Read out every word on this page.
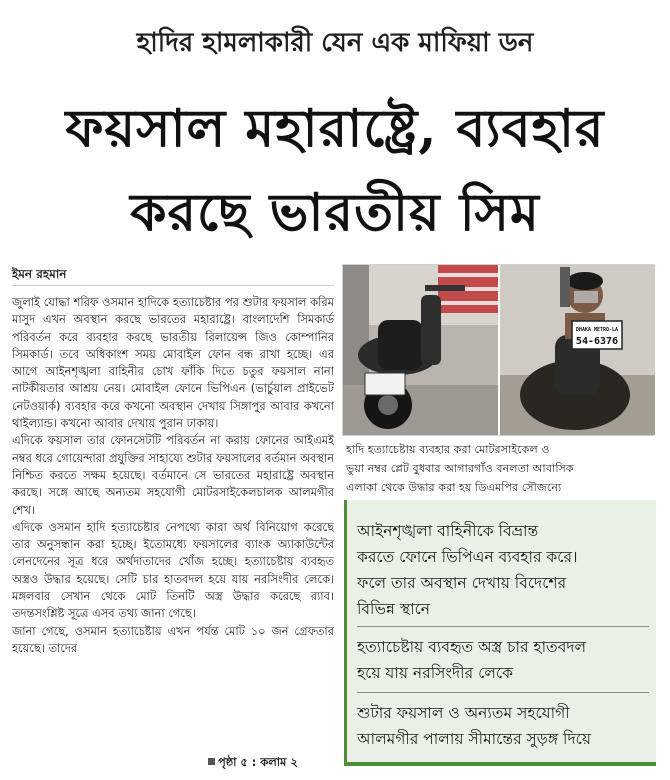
হাদির হামলাকারী যেন এক মাফিয়া ডন
ফয়সাল মহারাষ্ট্রে, ব্যবহার
করছে ভারতীয় সিম
ইমন রহমান

জুলাই যোদ্ধা শরিফ ওসমান হাদিকে হত্যাচেষ্টার পর শুটার ফয়সাল করিম মাসুদ এখন অবস্থান করছে ভারতের মহারাষ্ট্রে। বাংলাদেশি সিমকার্ড পরিবর্তন করে ব্যবহার করছে ভারতীয় রিলায়েন্স জিও কোম্পানির সিমকার্ড। তবে অধিকাংশ সময় মোবাইল ফোন বন্ধ রাখা হচ্ছে। এর আগে আইনশৃঙ্খলা বাহিনীর চোখ ফাঁকি দিতে চতুর ফয়সাল নানা নাটকীয়তার আশ্রয় নেয়। মোবাইল ফোনে ভিপিএন (ভার্চুয়াল প্রাইভেট নেটওয়ার্ক) ব্যবহার করে কখনো অবস্থান দেখায় সিঙ্গাপুর আবার কখনো থাইল্যান্ড। কখনো আবার দেখায় পুরান ঢাকায়।

এদিকে ফয়সাল তার ফোনসেটটি পরিবর্তন না করায় ফোনের আইএমই নম্বর ধরে গোয়েন্দারা প্রযুক্তির সাহায্যে শুটার ফয়সালের বর্তমান অবস্থান নিশ্চিত করতে সক্ষম হয়েছে। বর্তমানে সে ভারতের মহারাষ্ট্রে অবস্থান করছে। সঙ্গে আছে অন্যতম সহযোগী মোটরসাইকেলচালক আলমগীর শেখ।

এদিকে ওসমান হাদি হত্যাচেষ্টার নেপথ্যে কারা অর্থ বিনিয়োগ করেছে তার অনুসন্ধান করা হচ্ছে। ইতোমধ্যে ফয়সালের ব্যাংক অ্যাকাউন্টের লেনদেনের সূত্র ধরে অর্থদাতাদের খোঁজ হচ্ছে। হত্যাচেষ্টায় ব্যবহৃত অস্ত্রও উদ্ধার হয়েছে। সেটি চার হাতবদল হয়ে যায় নরসিংদীর লেকে। মঙ্গলবার সেখান থেকে মোট তিনটি অস্ত্র উদ্ধার করেছে র‍্যাব। তদন্তসংশ্লিষ্ট সূত্রে এসব তথ্য জানা গেছে।

জানা গেছে, ওসমান হত্যাচেষ্টায় এখন পর্যন্ত মোট ১০ জন গ্রেফতার হয়েছে। তাদের

পৃষ্ঠা ৫ : কলাম ২
DHAKA METRO-LA
54-6376
হাদি হত্যাচেষ্টায় ব্যবহার করা মোটরসাইকেল ও
ভুয়া নম্বর প্লেট বুধবার আগারগাঁও বনলতা আবাসিক
এলাকা থেকে উদ্ধার করা হয় ডিএমপির সৌজন্যে
আইনশৃঙ্খলা বাহিনীকে বিভ্রান্ত
করতে ফোনে ভিপিএন ব্যবহার করে।
ফলে তার অবস্থান দেখায় বিদেশের
বিভিন্ন স্থানে
হত্যাচেষ্টায় ব্যবহৃত অস্ত্র চার হাতবদল
হয়ে যায় নরসিংদীর লেকে
শুটার ফয়সাল ও অন্যতম সহযোগী
আলমগীর পালায় সীমান্তের সুড়ঙ্গ দিয়ে
